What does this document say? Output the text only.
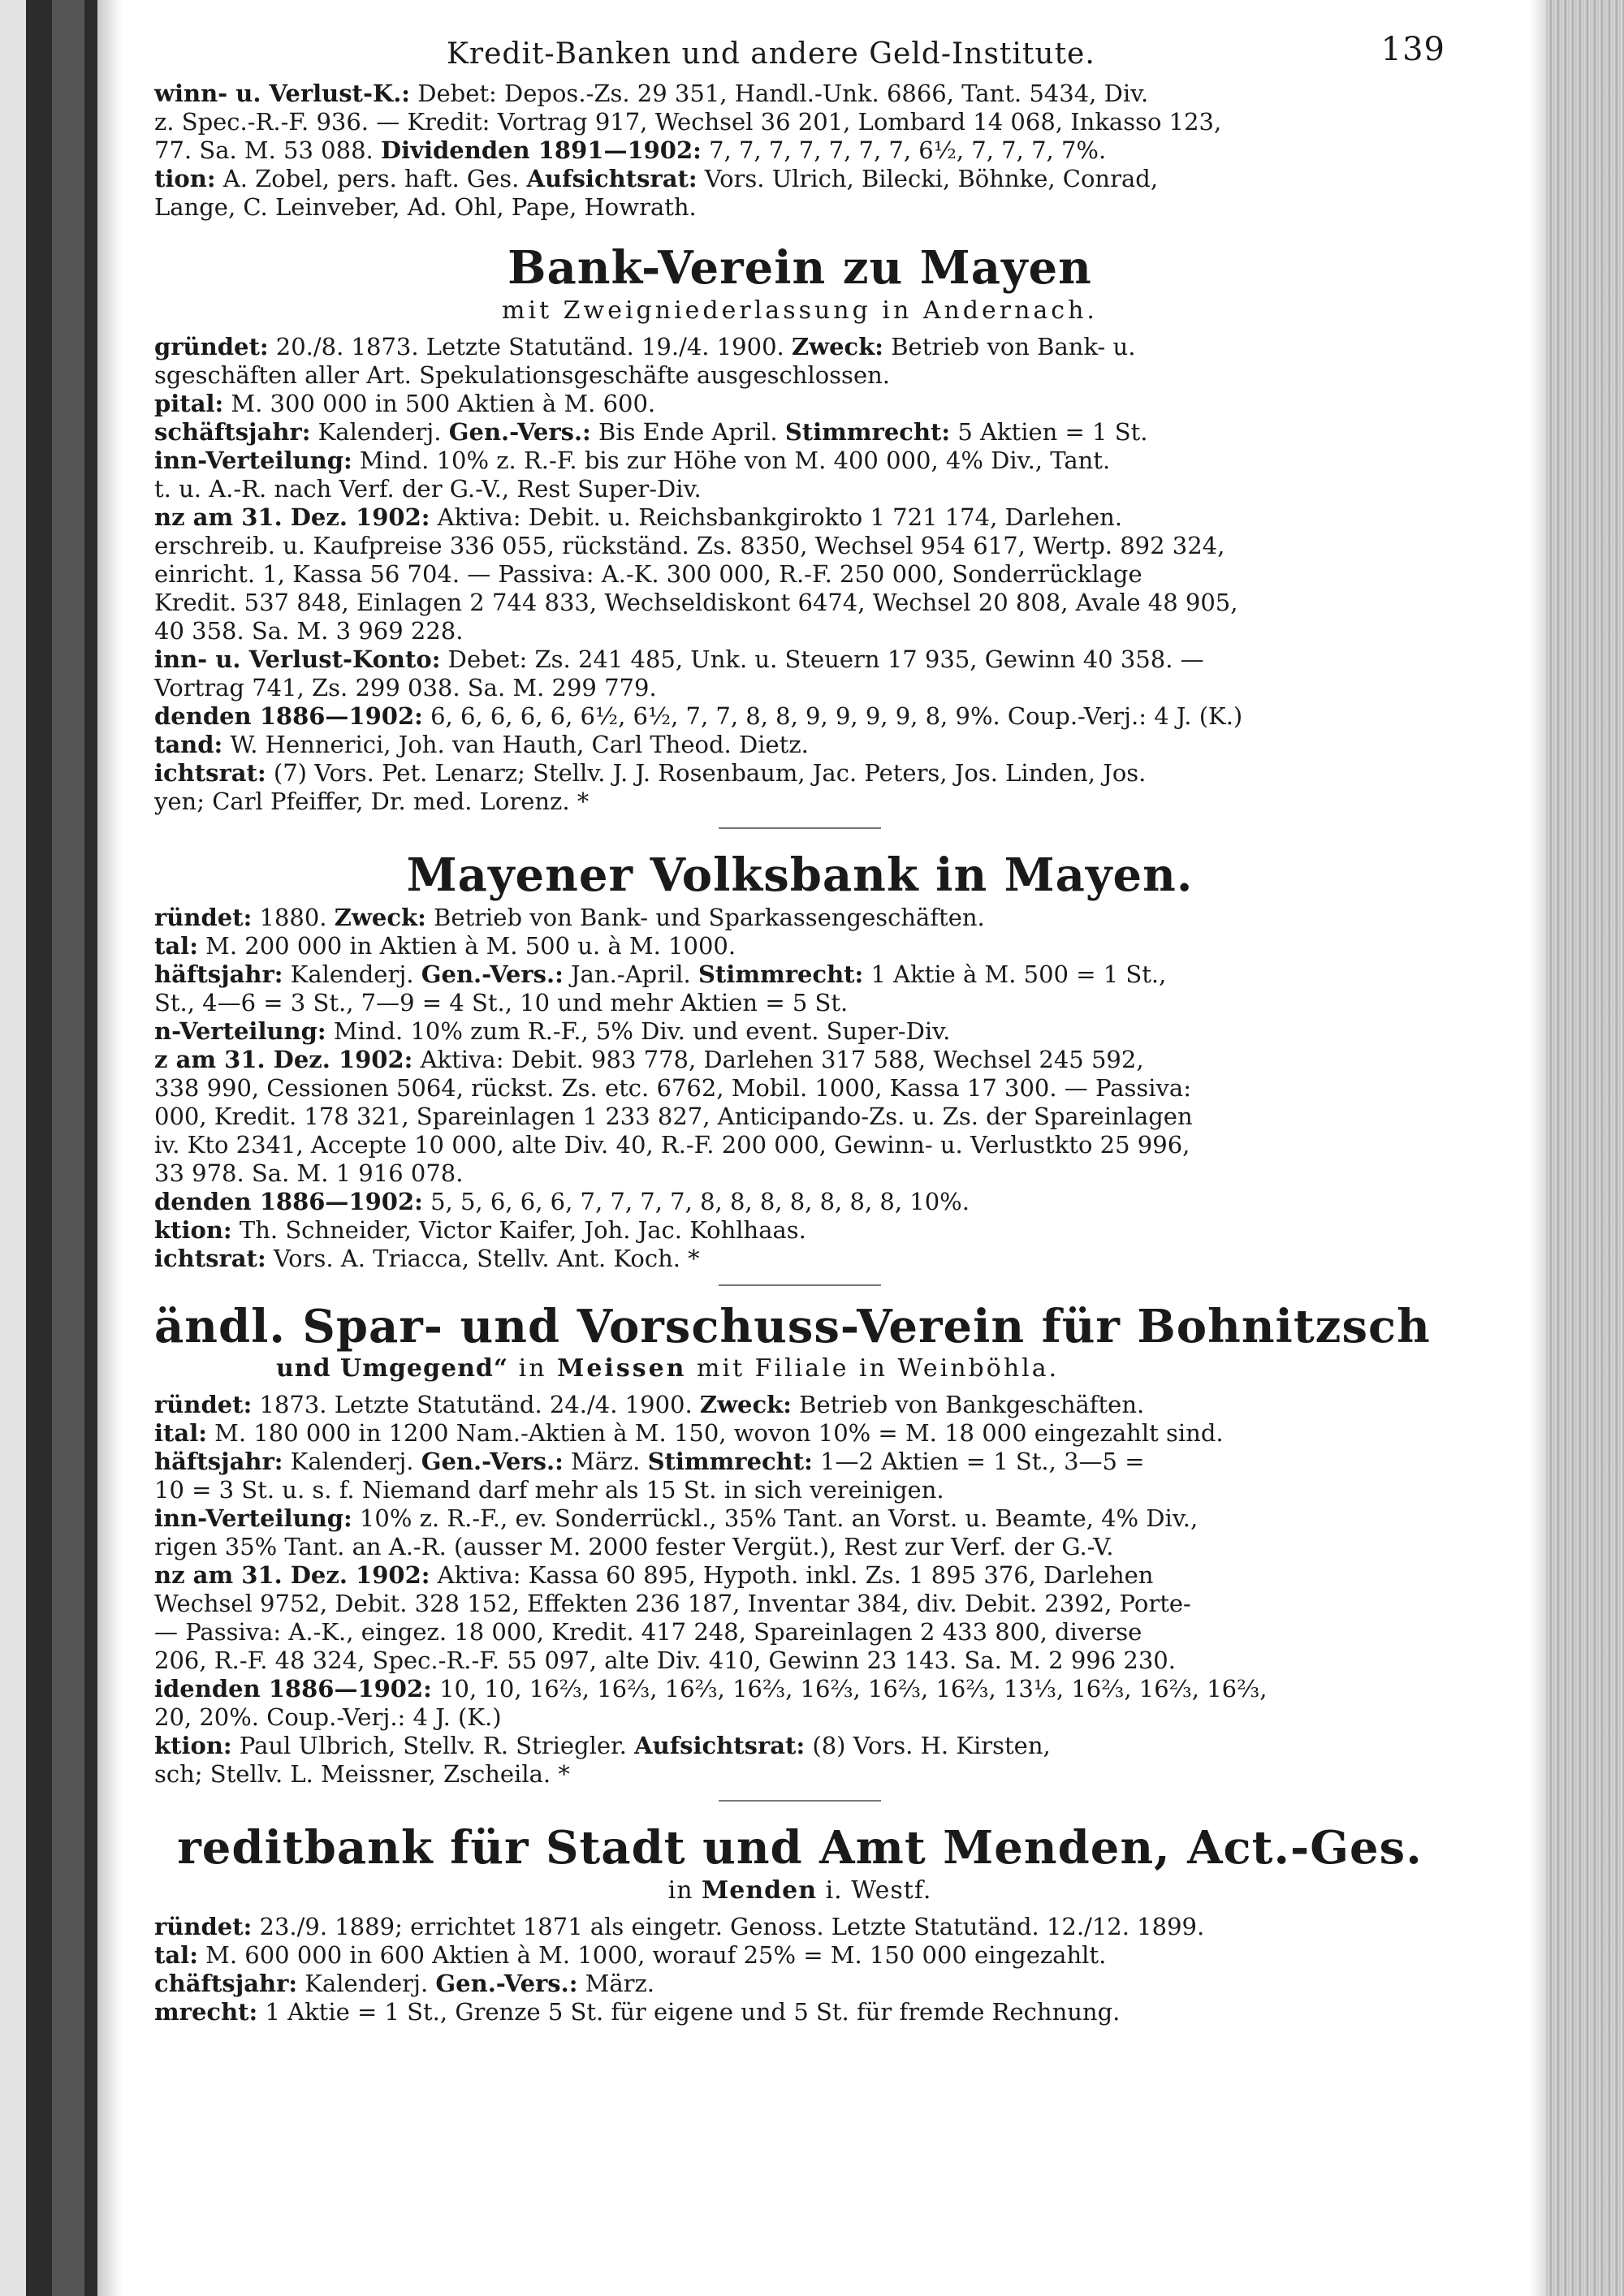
Kredit-Banken und andere Geld-Institute.	139

winn- u. Verlust-K.: Debet: Depos.-Zs. 29 351, Handl.-Unk. 6866, Tant. 5434, Div.

z. Spec.-R.-F. 936. — Kredit: Vortrag 917, Wechsel 36 201, Lombard 14 068, Inkasso 123,

77. Sa. M. 53 088. Dividenden 1891—1902: 7, 7, 7, 7, 7, 7, 7, 6½, 7, 7, 7, 7%.

tion: A. Zobel, pers. haft. Ges. Aufsichtsrat: Vors. Ulrich, Bilecki, Böhnke, Conrad,

Lange, C. Leinveber, Ad. Ohl, Pape, Howrath.

Bank-Verein zu Mayen
mit Zweigniederlassung in Andernach.

gründet: 20./8. 1873. Letzte Statutänd. 19./4. 1900. Zweck: Betrieb von Bank- u.

sgeschäften aller Art. Spekulationsgeschäfte ausgeschlossen.

pital: M. 300 000 in 500 Aktien à M. 600.

schäftsjahr: Kalenderj. Gen.-Vers.: Bis Ende April. Stimmrecht: 5 Aktien = 1 St.

inn-Verteilung: Mind. 10% z. R.-F. bis zur Höhe von M. 400 000, 4% Div., Tant.

t. u. A.-R. nach Verf. der G.-V., Rest Super-Div.

nz am 31. Dez. 1902: Aktiva: Debit. u. Reichsbankgirokto 1 721 174, Darlehen.

erschreib. u. Kaufpreise 336 055, rückständ. Zs. 8350, Wechsel 954 617, Wertp. 892 324,

einricht. 1, Kassa 56 704. — Passiva: A.-K. 300 000, R.-F. 250 000, Sonderrücklage

Kredit. 537 848, Einlagen 2 744 833, Wechseldiskont 6474, Wechsel 20 808, Avale 48 905,

40 358. Sa. M. 3 969 228.

inn- u. Verlust-Konto: Debet: Zs. 241 485, Unk. u. Steuern 17 935, Gewinn 40 358. —

Vortrag 741, Zs. 299 038. Sa. M. 299 779.

denden 1886—1902: 6, 6, 6, 6, 6, 6½, 6½, 7, 7, 8, 8, 9, 9, 9, 9, 8, 9%. Coup.-Verj.: 4 J. (K.)

tand: W. Hennerici, Joh. van Hauth, Carl Theod. Dietz.

ichtsrat: (7) Vors. Pet. Lenarz; Stellv. J. J. Rosenbaum, Jac. Peters, Jos. Linden, Jos.

yen; Carl Pfeiffer, Dr. med. Lorenz. *

Mayener Volksbank in Mayen.

ründet: 1880. Zweck: Betrieb von Bank- und Sparkassengeschäften.

tal: M. 200 000 in Aktien à M. 500 u. à M. 1000.

häftsjahr: Kalenderj. Gen.-Vers.: Jan.-April. Stimmrecht: 1 Aktie à M. 500 = 1 St.,

St., 4—6 = 3 St., 7—9 = 4 St., 10 und mehr Aktien = 5 St.

n-Verteilung: Mind. 10% zum R.-F., 5% Div. und event. Super-Div.

z am 31. Dez. 1902: Aktiva: Debit. 983 778, Darlehen 317 588, Wechsel 245 592,

338 990, Cessionen 5064, rückst. Zs. etc. 6762, Mobil. 1000, Kassa 17 300. — Passiva:

000, Kredit. 178 321, Spareinlagen 1 233 827, Anticipando-Zs. u. Zs. der Spareinlagen

iv. Kto 2341, Accepte 10 000, alte Div. 40, R.-F. 200 000, Gewinn- u. Verlustkto 25 996,

33 978. Sa. M. 1 916 078.

denden 1886—1902: 5, 5, 6, 6, 6, 7, 7, 7, 7, 8, 8, 8, 8, 8, 8, 8, 10%.

ktion: Th. Schneider, Victor Kaifer, Joh. Jac. Kohlhaas.

ichtsrat: Vors. A. Triacca, Stellv. Ant. Koch. *

ändl. Spar- und Vorschuss-Verein für Bohnitzsch
und Umgegend“ in Meissen mit Filiale in Weinböhla.

ründet: 1873. Letzte Statutänd. 24./4. 1900. Zweck: Betrieb von Bankgeschäften.

ital: M. 180 000 in 1200 Nam.-Aktien à M. 150, wovon 10% = M. 18 000 eingezahlt sind.

häftsjahr: Kalenderj. Gen.-Vers.: März. Stimmrecht: 1—2 Aktien = 1 St., 3—5 =

10 = 3 St. u. s. f. Niemand darf mehr als 15 St. in sich vereinigen.

inn-Verteilung: 10% z. R.-F., ev. Sonderrückl., 35% Tant. an Vorst. u. Beamte, 4% Div.,

rigen 35% Tant. an A.-R. (ausser M. 2000 fester Vergüt.), Rest zur Verf. der G.-V.

nz am 31. Dez. 1902: Aktiva: Kassa 60 895, Hypoth. inkl. Zs. 1 895 376, Darlehen

Wechsel 9752, Debit. 328 152, Effekten 236 187, Inventar 384, div. Debit. 2392, Porte-

— Passiva: A.-K., eingez. 18 000, Kredit. 417 248, Spareinlagen 2 433 800, diverse

206, R.-F. 48 324, Spec.-R.-F. 55 097, alte Div. 410, Gewinn 23 143. Sa. M. 2 996 230.

idenden 1886—1902: 10, 10, 16⅔, 16⅔, 16⅔, 16⅔, 16⅔, 16⅔, 16⅔, 13⅓, 16⅔, 16⅔, 16⅔,

20, 20%. Coup.-Verj.: 4 J. (K.)

ktion: Paul Ulbrich, Stellv. R. Striegler. Aufsichtsrat: (8) Vors. H. Kirsten,

sch; Stellv. L. Meissner, Zscheila. *

reditbank für Stadt und Amt Menden, Act.-Ges.
in Menden i. Westf.

ründet: 23./9. 1889; errichtet 1871 als eingetr. Genoss. Letzte Statutänd. 12./12. 1899.

tal: M. 600 000 in 600 Aktien à M. 1000, worauf 25% = M. 150 000 eingezahlt.

chäftsjahr: Kalenderj. Gen.-Vers.: März.

mrecht: 1 Aktie = 1 St., Grenze 5 St. für eigene und 5 St. für fremde Rechnung.
